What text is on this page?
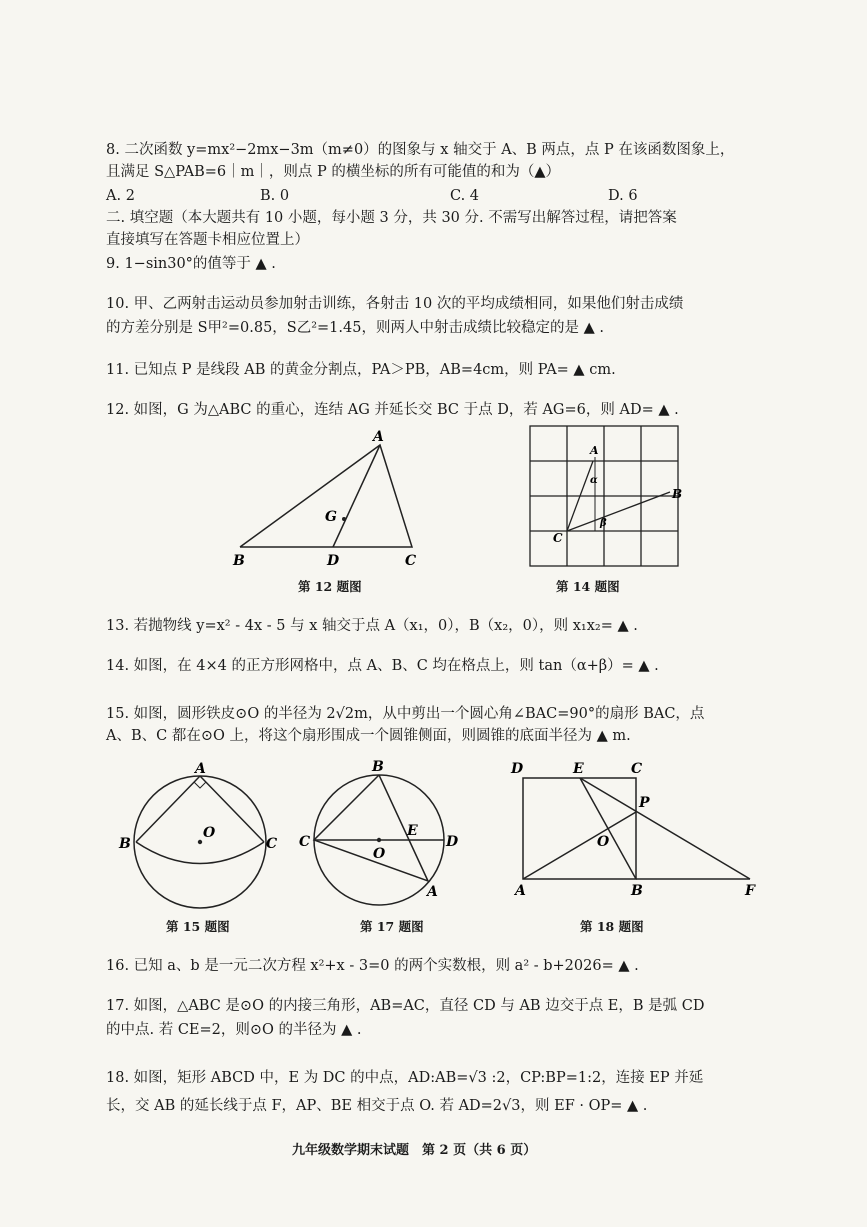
8. 二次函数 y=mx²−2mx−3m（m≠0）的图象与 x 轴交于 A、B 两点，点 P 在该函数图象上，
且满足 S△PAB=6｜m｜，则点 P 的横坐标的所有可能值的和为（▲）
A. 2	B. 0	C. 4	D. 6
二. 填空题（本大题共有 10 小题，每小题 3 分，共 30 分. 不需写出解答过程，请把答案
直接填写在答题卡相应位置上）
9. 1−sin30°的值等于 ▲ .
10. 甲、乙两射击运动员参加射击训练，各射击 10 次的平均成绩相同，如果他们射击成绩
的方差分别是 S甲²=0.85，S乙²=1.45，则两人中射击成绩比较稳定的是 ▲ .
11. 已知点 P 是线段 AB 的黄金分割点，PA＞PB，AB=4cm，则 PA= ▲ cm.
12. 如图，G 为△ABC 的重心，连结 AG 并延长交 BC 于点 D，若 AG=6，则 AD= ▲ .
A
B	C
D
G
第 12 题图
A
B
C
α
β
第 14 题图
13. 若抛物线 y=x² - 4x - 5 与 x 轴交于点 A（x₁，0），B（x₂，0），则 x₁x₂= ▲ .
14. 如图，在 4×4 的正方形网格中，点 A、B、C 均在格点上，则 tan（α+β）= ▲ .
15. 如图，圆形铁皮⊙O 的半径为 2√2m，从中剪出一个圆心角∠BAC=90°的扇形 BAC，点
A、B、C 都在⊙O 上，将这个扇形围成一个圆锥侧面，则圆锥的底面半径为 ▲ m.
A
B	C
O
第 15 题图
B
C	D
E
O
A
第 17 题图
D	E	C
P
O
A	B	F
第 18 题图
16. 已知 a、b 是一元二次方程 x²+x - 3=0 的两个实数根，则 a² - b+2026= ▲ .
17. 如图，△ABC 是⊙O 的内接三角形，AB=AC，直径 CD 与 AB 边交于点 E，B 是弧 CD
的中点. 若 CE=2，则⊙O 的半径为 ▲ .
18. 如图，矩形 ABCD 中，E 为 DC 的中点，AD:AB=√3 :2，CP:BP=1:2，连接 EP 并延
长，交 AB 的延长线于点 F，AP、BE 相交于点 O. 若 AD=2√3，则 EF · OP= ▲ .
九年级数学期末试题　第 2 页（共 6 页）
